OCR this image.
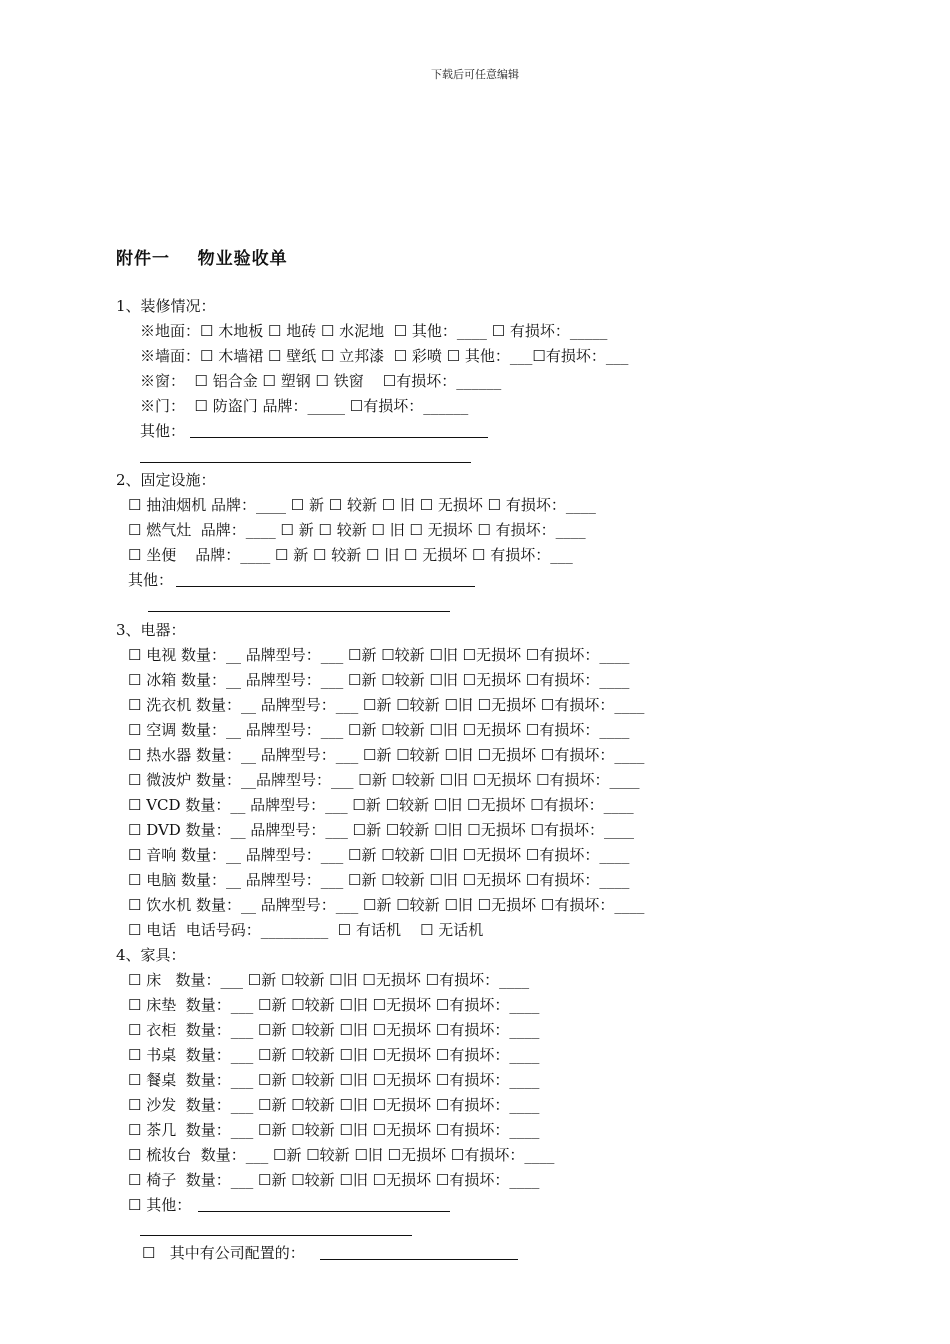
下载后可任意编辑
附件一    物业验收单
1、装修情况：
※地面：☐ 木地板 ☐ 地砖 ☐ 水泥地  ☐ 其他：____ ☐ 有损坏：_____
※墙面：☐ 木墙裙 ☐ 壁纸 ☐ 立邦漆  ☐ 彩喷 ☐ 其他：___☐有损坏：___
※窗：  ☐ 铝合金 ☐ 塑钢 ☐ 铁窗    ☐有损坏：______
※门：  ☐ 防盗门 品牌：_____ ☐有损坏：______
其他：
2、固定设施：
☐ 抽油烟机 品牌：____ ☐ 新 ☐ 较新 ☐ 旧 ☐ 无损坏 ☐ 有损坏：____
☐ 燃气灶  品牌：____ ☐ 新 ☐ 较新 ☐ 旧 ☐ 无损坏 ☐ 有损坏：____
☐ 坐便    品牌：____ ☐ 新 ☐ 较新 ☐ 旧 ☐ 无损坏 ☐ 有损坏：___
其他：
3、电器：
☐ 电视 数量：__ 品牌型号：___ ☐新 ☐较新 ☐旧 ☐无损坏 ☐有损坏：____
☐ 冰箱 数量：__ 品牌型号：___ ☐新 ☐较新 ☐旧 ☐无损坏 ☐有损坏：____
☐ 洗衣机 数量：__ 品牌型号：___ ☐新 ☐较新 ☐旧 ☐无损坏 ☐有损坏：____
☐ 空调 数量：__ 品牌型号：___ ☐新 ☐较新 ☐旧 ☐无损坏 ☐有损坏：____
☐ 热水器 数量：__ 品牌型号：___ ☐新 ☐较新 ☐旧 ☐无损坏 ☐有损坏：____
☐ 微波炉 数量：__品牌型号：___ ☐新 ☐较新 ☐旧 ☐无损坏 ☐有损坏：____
☐ VCD 数量：__ 品牌型号：___ ☐新 ☐较新 ☐旧 ☐无损坏 ☐有损坏：____
☐ DVD 数量：__ 品牌型号：___ ☐新 ☐较新 ☐旧 ☐无损坏 ☐有损坏：____
☐ 音响 数量：__ 品牌型号：___ ☐新 ☐较新 ☐旧 ☐无损坏 ☐有损坏：____
☐ 电脑 数量：__ 品牌型号：___ ☐新 ☐较新 ☐旧 ☐无损坏 ☐有损坏：____
☐ 饮水机 数量：__ 品牌型号：___ ☐新 ☐较新 ☐旧 ☐无损坏 ☐有损坏：____
☐ 电话  电话号码：_________  ☐ 有话机    ☐ 无话机
4、家具：
☐ 床   数量：___ ☐新 ☐较新 ☐旧 ☐无损坏 ☐有损坏：____
☐ 床垫  数量：___ ☐新 ☐较新 ☐旧 ☐无损坏 ☐有损坏：____
☐ 衣柜  数量：___ ☐新 ☐较新 ☐旧 ☐无损坏 ☐有损坏：____
☐ 书桌  数量：___ ☐新 ☐较新 ☐旧 ☐无损坏 ☐有损坏：____
☐ 餐桌  数量：___ ☐新 ☐较新 ☐旧 ☐无损坏 ☐有损坏：____
☐ 沙发  数量：___ ☐新 ☐较新 ☐旧 ☐无损坏 ☐有损坏：____
☐ 茶几  数量：___ ☐新 ☐较新 ☐旧 ☐无损坏 ☐有损坏：____
☐ 梳妆台  数量：___ ☐新 ☐较新 ☐旧 ☐无损坏 ☐有损坏：____
☐ 椅子  数量：___ ☐新 ☐较新 ☐旧 ☐无损坏 ☐有损坏：____
☐ 其他：
☐   其中有公司配置的：
